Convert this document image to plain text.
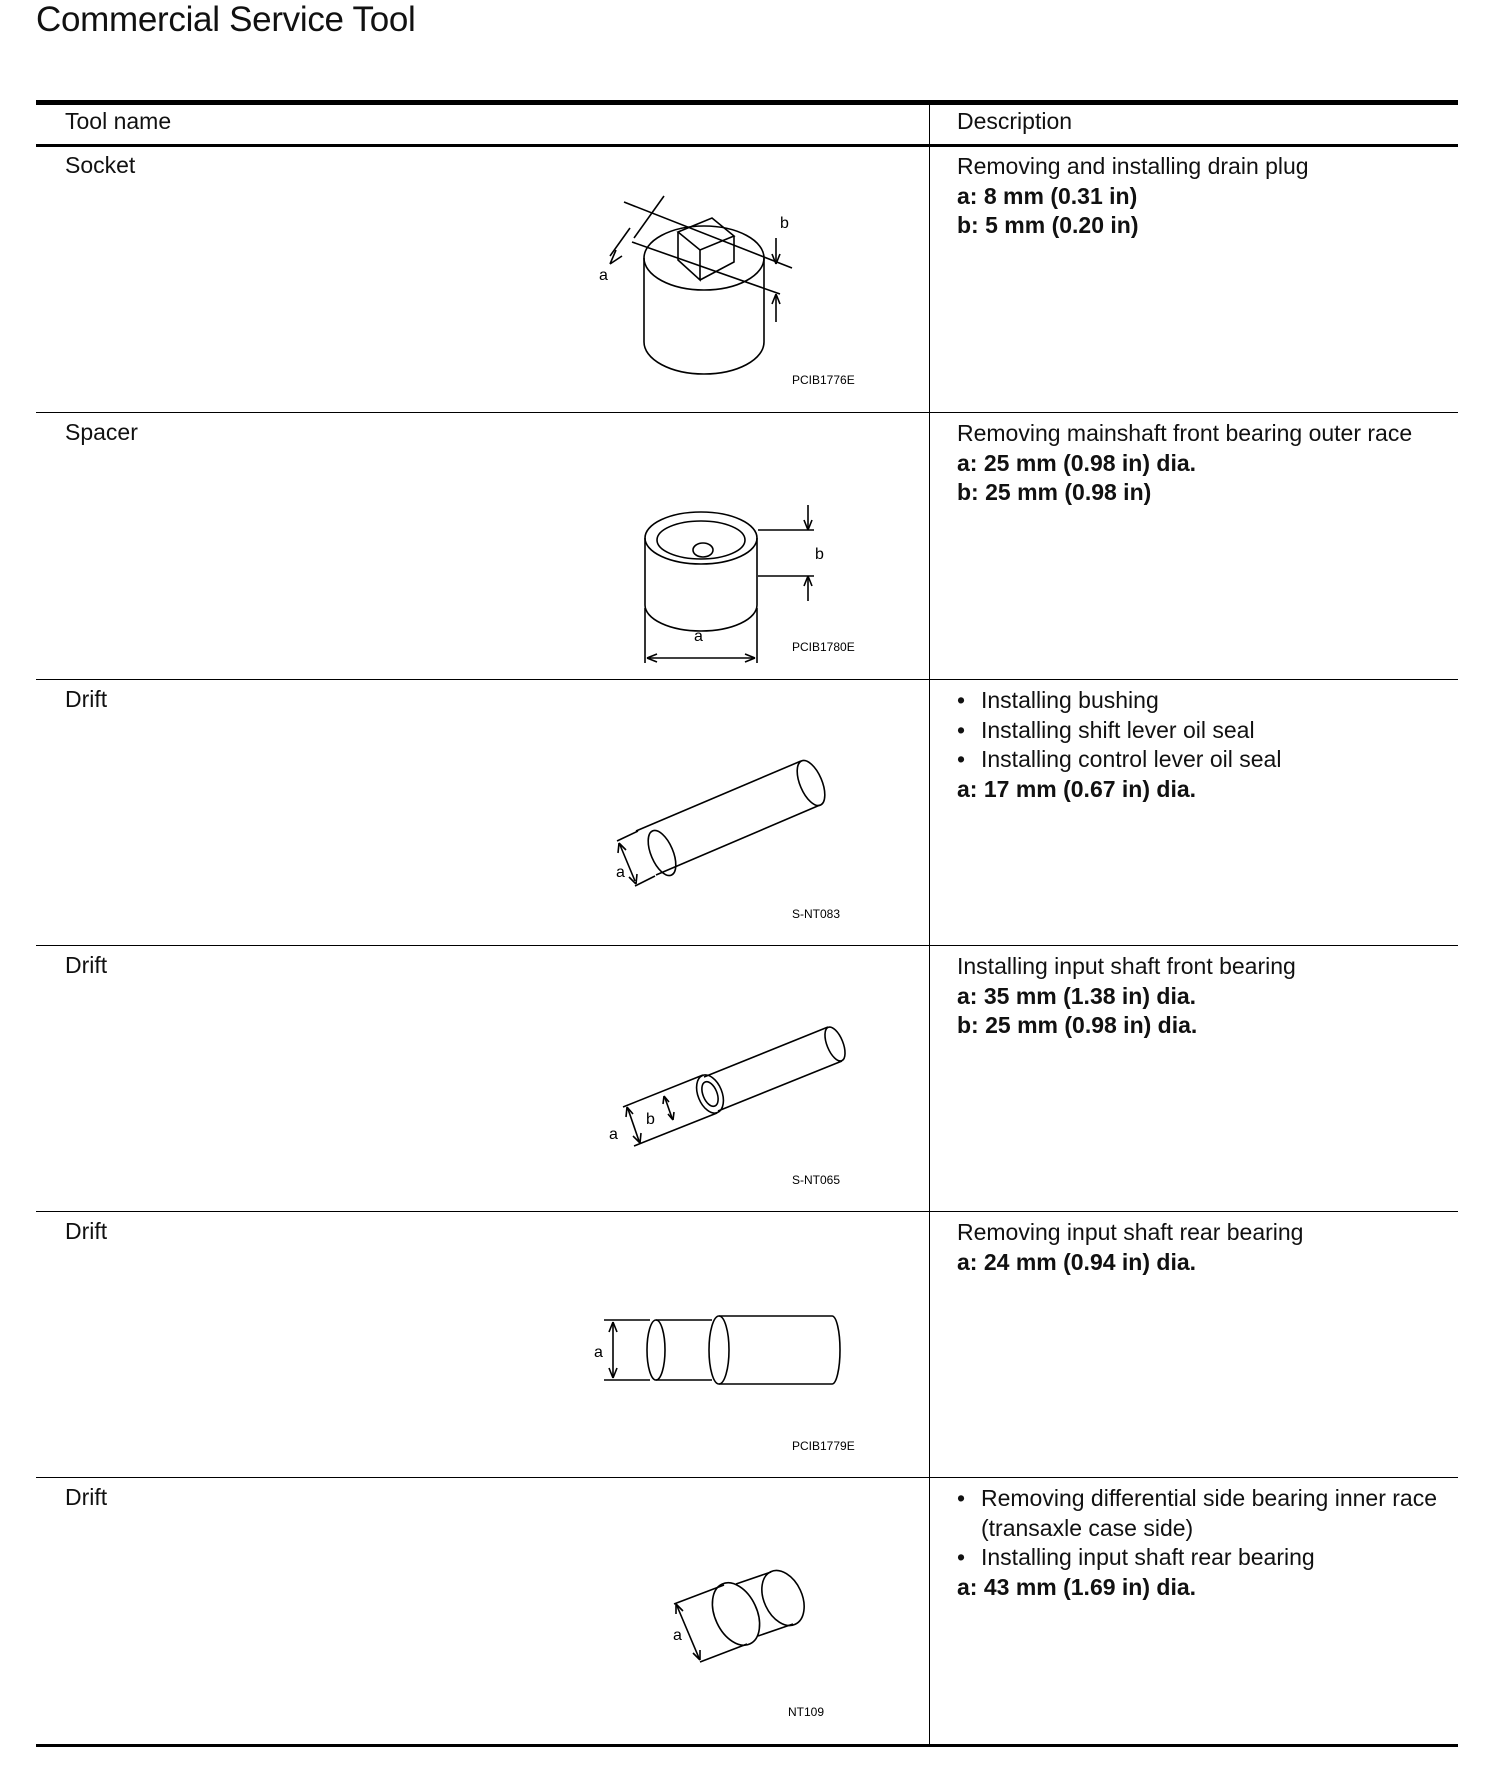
Commercial Service Tool
Tool name	Description
Socket
a
b
PCIB1776E
Removing and installing drain plug
a: 8 mm (0.31 in)
b: 5 mm (0.20 in)
Spacer
a
b
PCIB1780E
Removing mainshaft front bearing outer race
a: 25 mm (0.98 in) dia.
b: 25 mm (0.98 in)
Drift
a
S-NT083
• Installing bushing
• Installing shift lever oil seal
• Installing control lever oil seal
a: 17 mm (0.67 in) dia.
Drift
a
b
S-NT065
Installing input shaft front bearing
a: 35 mm (1.38 in) dia.
b: 25 mm (0.98 in) dia.
Drift
a
PCIB1779E
Removing input shaft rear bearing
a: 24 mm (0.94 in) dia.
Drift
a
NT109
• Removing differential side bearing inner race (transaxle case side)
• Installing input shaft rear bearing
a: 43 mm (1.69 in) dia.
